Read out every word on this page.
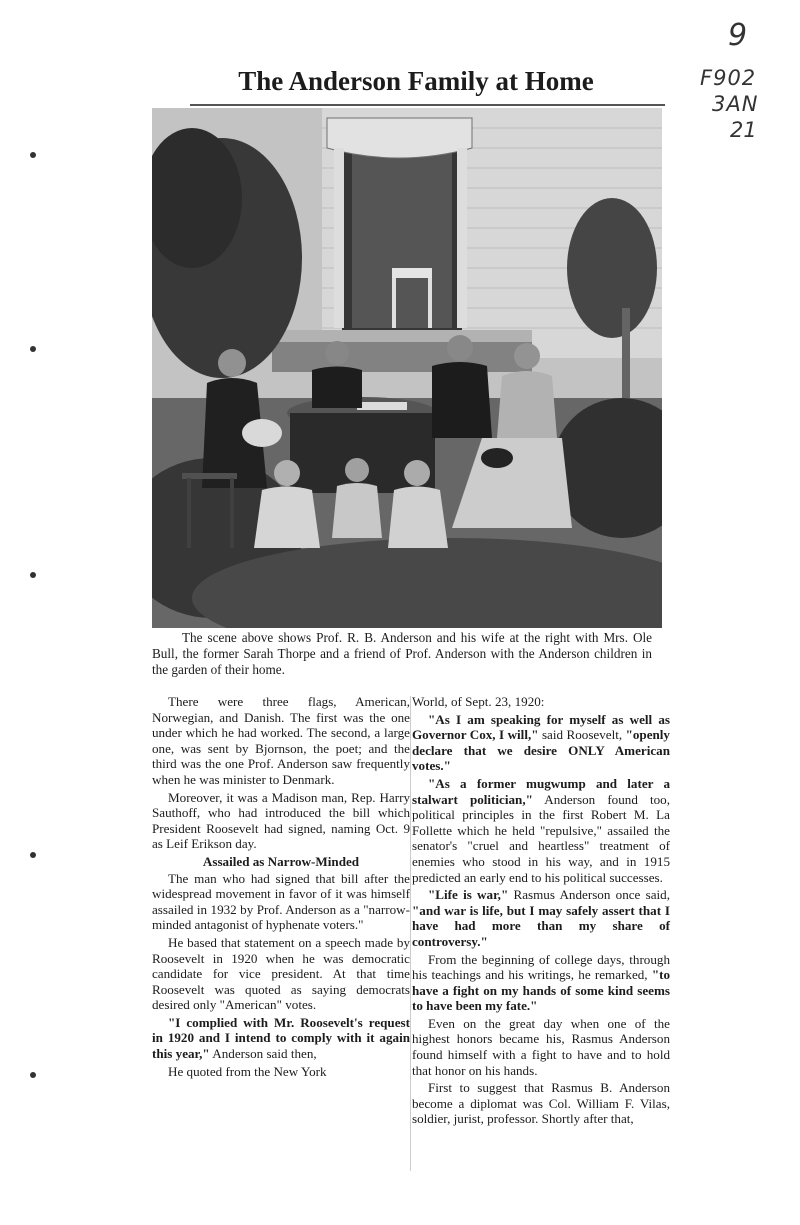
9
F902
3AN
21
The Anderson Family at Home

The scene above shows Prof. R. B. Anderson and his wife at the right with Mrs. Ole Bull, the former Sarah Thorpe and a friend of Prof. Anderson with the Anderson children in the garden of their home.

There were three flags, American, Norwegian, and Danish. The first was the one under which he had worked. The second, a large one, was sent by Bjornson, the poet; and the third was the one Prof. Anderson saw frequently when he was minister to Denmark.

Moreover, it was a Madison man, Rep. Harry Sauthoff, who had introduced the bill which President Roosevelt had signed, naming Oct. 9 as Leif Erikson day.

Assailed as Narrow-Minded

The man who had signed that bill after the widespread movement in favor of it was himself assailed in 1932 by Prof. Anderson as a "narrow-minded antagonist of hyphenate voters."

He based that statement on a speech made by Roosevelt in 1920 when he was democratic candidate for vice president. At that time Roosevelt was quoted as saying democrats desired only "American" votes.

"I complied with Mr. Roosevelt's request in 1920 and I intend to comply with it again this year," Anderson said then,

He quoted from the New York

World, of Sept. 23, 1920:

"As I am speaking for myself as well as Governor Cox, I will," said Roosevelt, "openly declare that we desire ONLY American votes."

"As a former mugwump and later a stalwart politician," Anderson found too, political principles in the first Robert M. La Follette which he held "repulsive," assailed the senator's "cruel and heartless" treatment of enemies who stood in his way, and in 1915 predicted an early end to his political successes.

"Life is war," Rasmus Anderson once said, "and war is life, but I may safely assert that I have had more than my share of controversy."

From the beginning of college days, through his teachings and his writings, he remarked, "to have a fight on my hands of some kind seems to have been my fate."

Even on the great day when one of the highest honors became his, Rasmus Anderson found himself with a fight to have and to hold that honor on his hands.

First to suggest that Rasmus B. Anderson become a diplomat was Col. William F. Vilas, soldier, jurist, professor. Shortly after that,
